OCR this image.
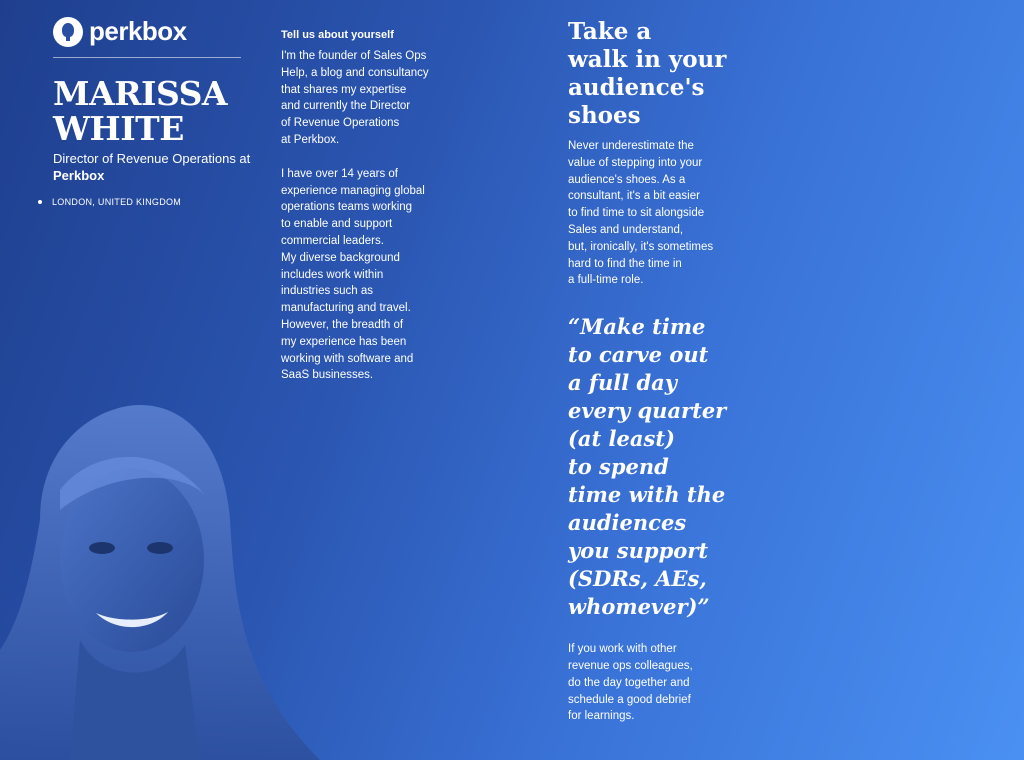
perkbox
MARISSA
WHITE
Director of Revenue Operations at Perkbox
LONDON, UNITED KINGDOM
Tell us about yourself

I'm the founder of Sales Ops
Help, a blog and consultancy
that shares my expertise
and currently the Director
of Revenue Operations
at Perkbox.

I have over 14 years of
experience managing global
operations teams working
to enable and support
commercial leaders.
My diverse background
includes work within
industries such as
manufacturing and travel.
However, the breadth of
my experience has been
working with software and
SaaS businesses.

Take a
walk in your
audience's
shoes

Never underestimate the
value of stepping into your
audience's shoes. As a
consultant, it's a bit easier
to find time to sit alongside
Sales and understand,
but, ironically, it's sometimes
hard to find the time in
a full-time role.

“Make time
to carve out
a full day
every quarter
(at least)
to spend
time with the
audiences
you support
(SDRs, AEs,
whomever)”

If you work with other
revenue ops colleagues,
do the day together and
schedule a good debrief
for learnings.
